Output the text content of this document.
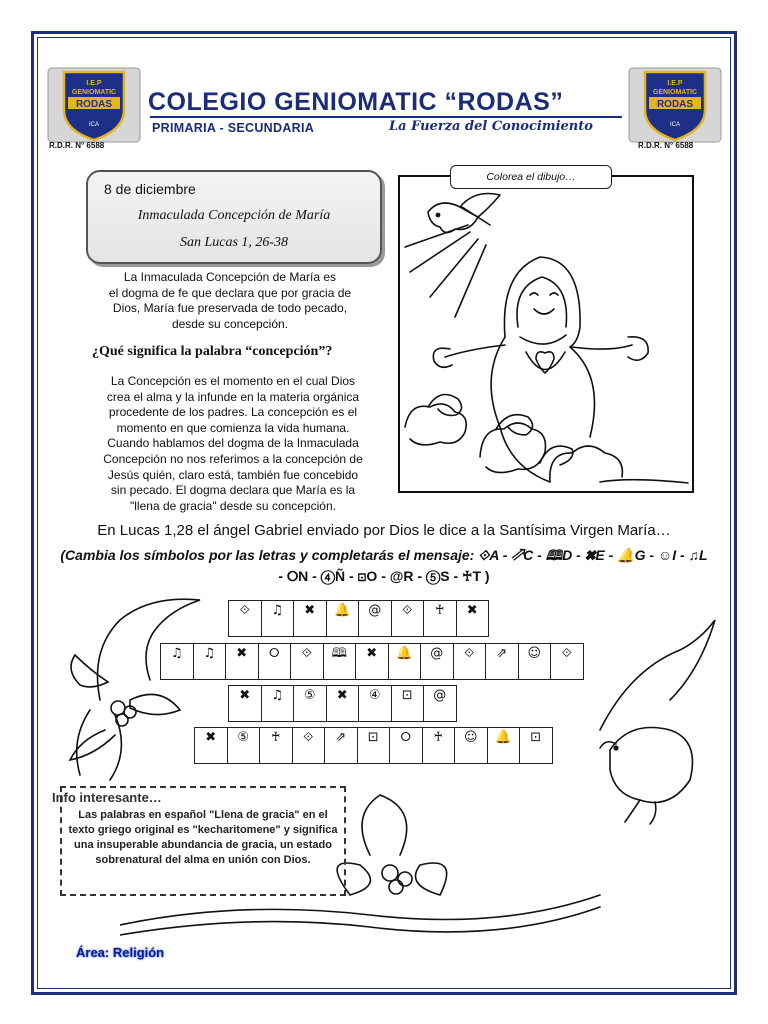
I.E.P
GENIOMATIC
RODAS
ICA
I.E.P
GENIOMATIC
RODAS
ICA
R.D.R. N° 6588	R.D.R. N° 6588
COLEGIO GENIOMATIC “RODAS”
PRIMARIA - SECUNDARIA	La Fuerza del Conocimiento
8 de diciembre
Inmaculada Concepción de María
San Lucas 1, 26-38
La Inmaculada Concepción de María es
el dogma de fe que declara que por gracia de
Dios, María fue preservada de todo pecado,
desde su concepción.
¿Qué significa la palabra “concepción”?
La Concepción es el momento en el cual Dios
crea el alma y la infunde en la materia orgánica
procedente de los padres. La concepción es el
momento en que comienza la vida humana.
Cuando hablamos del dogma de la Inmaculada
Concepción no nos referimos a la concepción de
Jesús quién, claro está, también fue concebido
sin pecado. El dogma declara que María es la
"llena de gracia" desde su concepción.
Colorea el dibujo…
En Lucas 1,28 el ángel Gabriel enviado por Dios le dice a la Santísima Virgen María…
(Cambia los símbolos por las letras y completarás el mensaje: ⟐A - ⇗C - 🕮D - ✖E - 🔔G - ☺I - ♫L
- ⭘N - ④Ñ - ⊡O - @R - ⑤S - ♰T )
⟐	♫	✖	🔔	@	⟐	♰	✖
♫	♫	✖	⭘	⟐	🕮	✖	🔔	@	⟐	⇗	☺	⟐
✖	♫	⑤	✖	④	⊡	@
✖	⑤	♰	⟐	⇗	⊡	⭘	♰	☺	🔔	⊡
Info interesante…
Las palabras en español "Llena de gracia" en el texto griego original es "kecharitomene" y significa una insuperable abundancia de gracia, un estado sobrenatural del alma en unión con Dios.
Área: Religión
